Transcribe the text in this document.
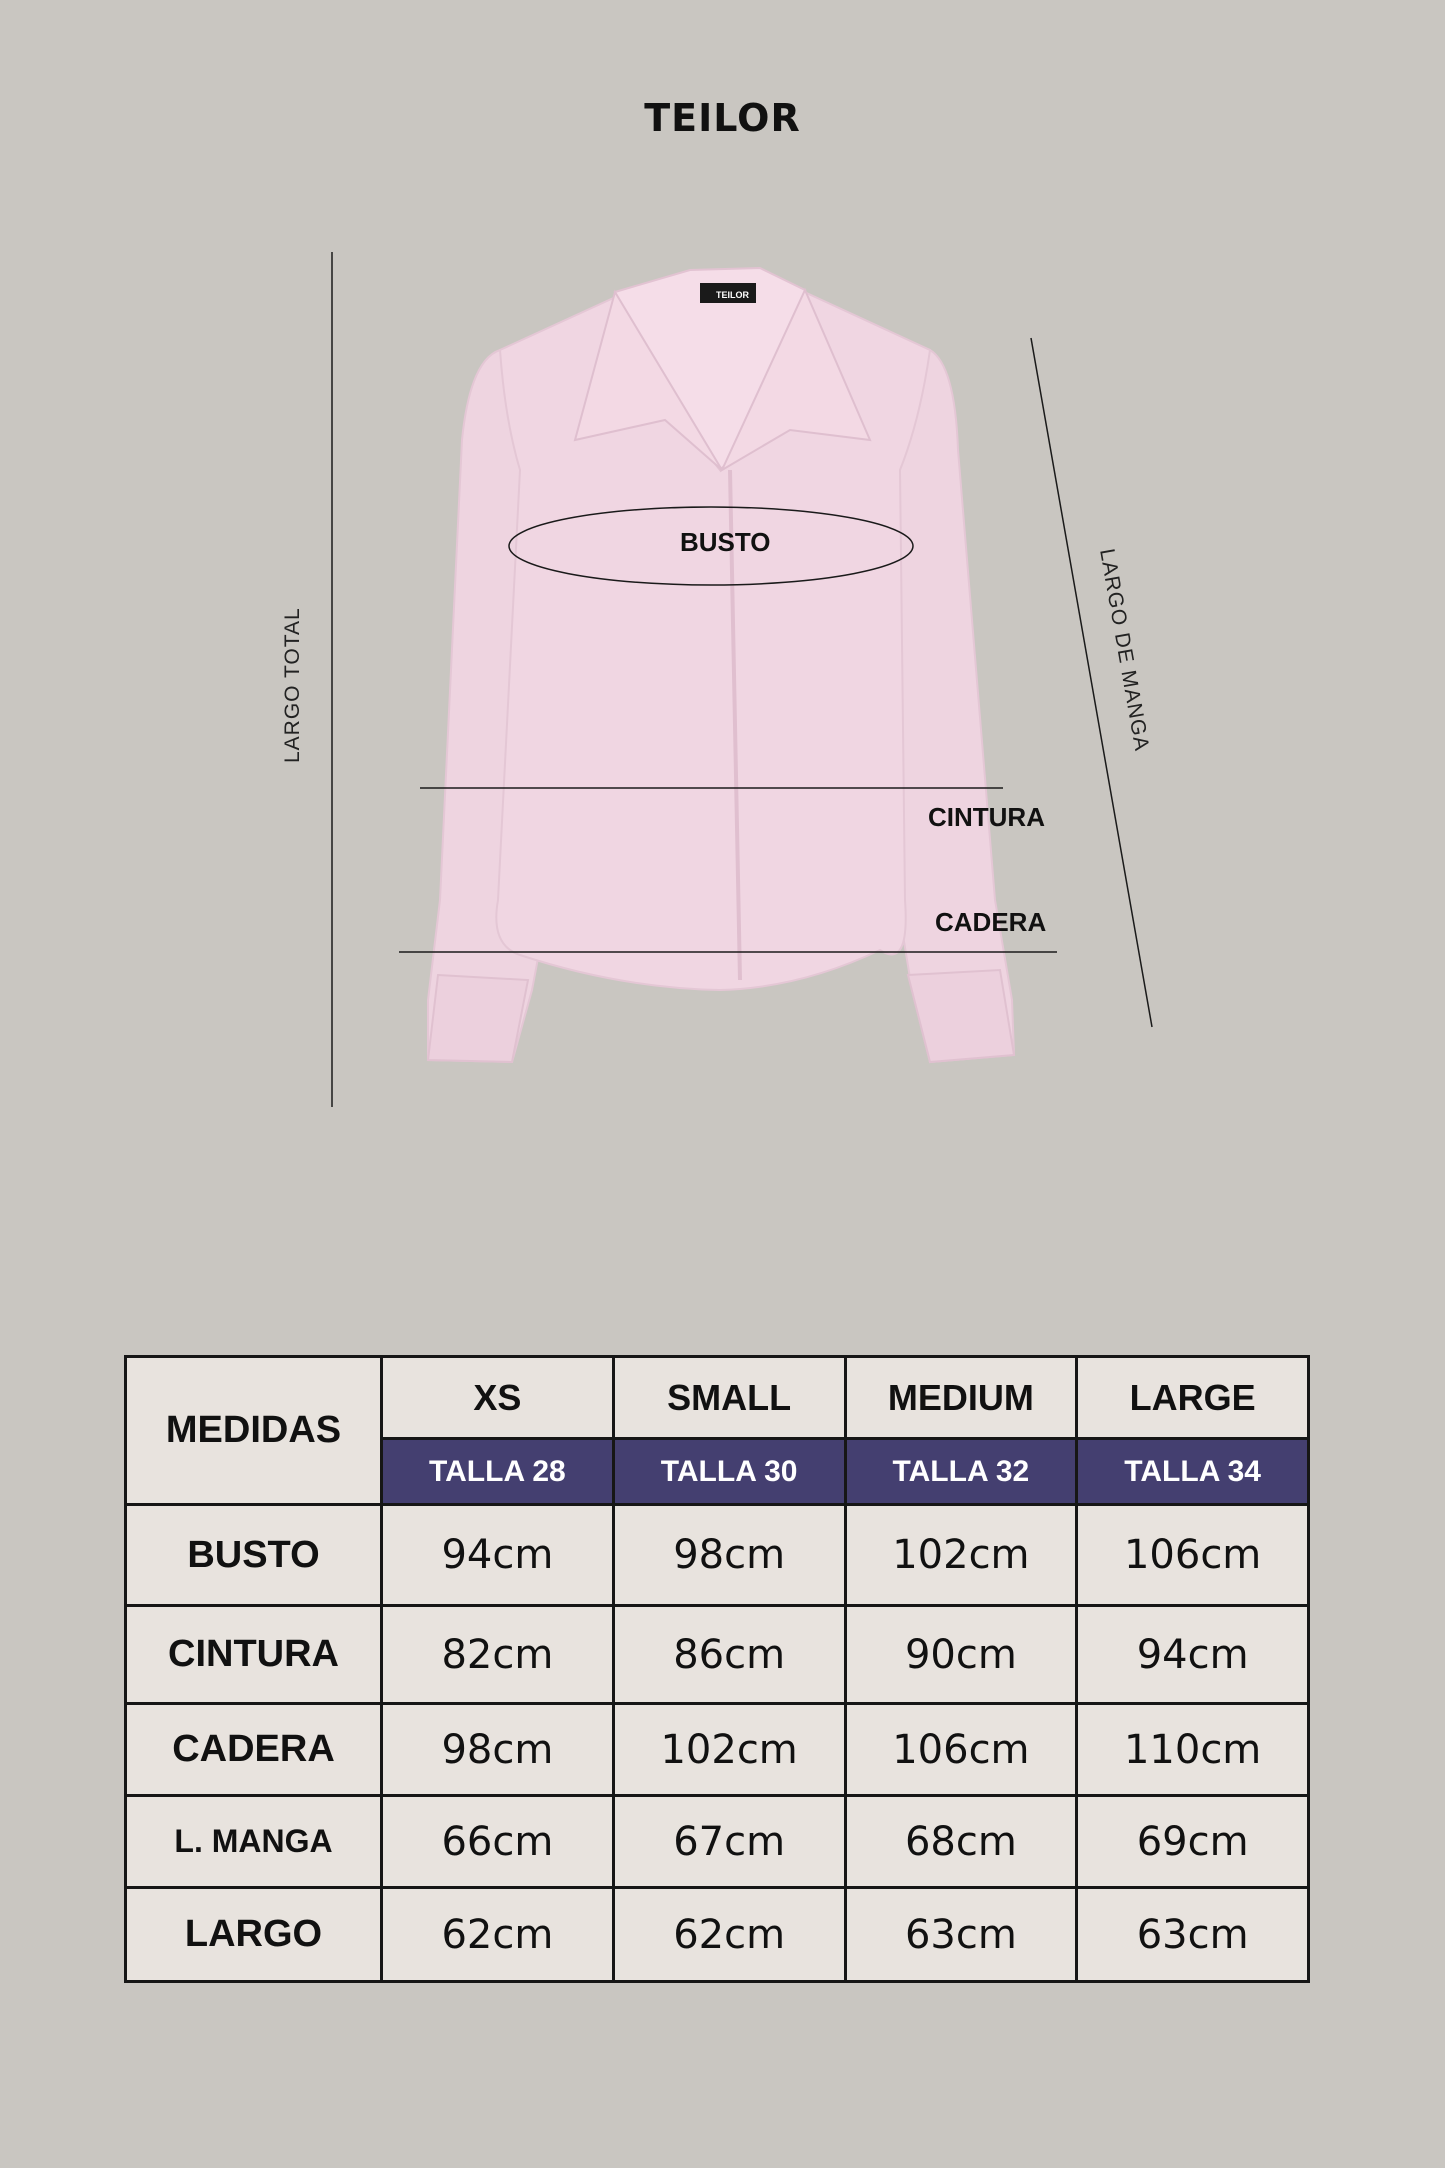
TEILOR
TEILOR
LARGO TOTAL	LARGO DE MANGA
BUSTO
CINTURA
CADERA
MEDIDAS	XS	SMALL	MEDIUM	LARGE
	TALLA 28	TALLA 30	TALLA 32	TALLA 34
BUSTO	94cm	98cm	102cm	106cm
CINTURA	82cm	86cm	90cm	94cm
CADERA	98cm	102cm	106cm	110cm
L. MANGA	66cm	67cm	68cm	69cm
LARGO	62cm	62cm	63cm	63cm
